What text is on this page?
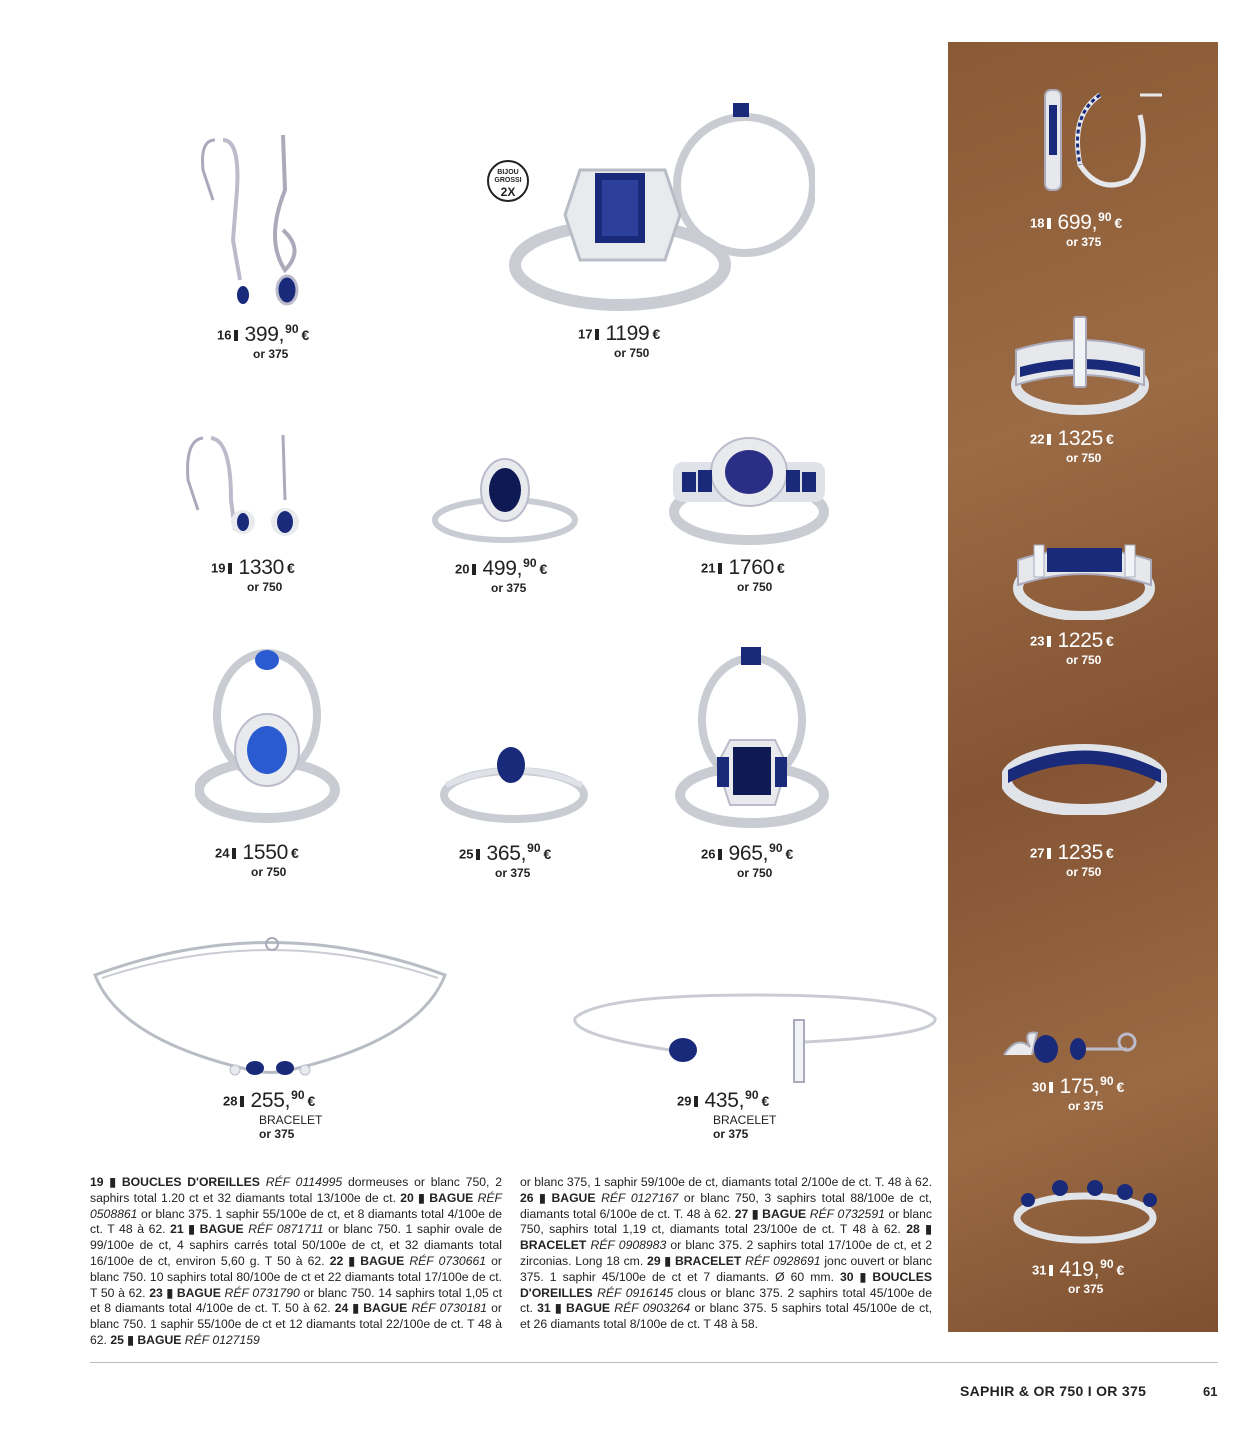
BIJOU
GROSSI
2X
16 399,90 €
or 375
17 1199 €
or 750
18 699,90 €
or 375
19 1330 €
or 750
20 499,90 €
or 375
21 1760 €
or 750
22 1325 €
or 750
23 1225 €
or 750
24 1550 €
or 750
25 365,90 €
or 375
26 965,90 €
or 750
27 1235 €
or 750
28 255,90 €
BRACELET
or 375
29 435,90 €
BRACELET
or 375
30 175,90 €
or 375
31 419,90 €
or 375
19 ▮ BOUCLES D'OREILLES RÉF 0114995 dormeuses or blanc 750, 2 saphirs total 1.20 ct et 32 diamants total 13/100e de ct. 20 ▮ BAGUE RÉF 0508861 or blanc 375. 1 saphir 55/100e de ct, et 8 diamants total 4/100e de ct. T 48 à 62. 21 ▮ BAGUE RÉF 0871711 or blanc 750. 1 saphir ovale de 99/100e de ct, 4 saphirs carrés total 50/100e de ct, et 32 diamants total 16/100e de ct, environ 5,60 g. T 50 à 62. 22 ▮ BAGUE RÉF 0730661 or blanc 750. 10 saphirs total 80/100e de ct et 22 diamants total 17/100e de ct. T 50 à 62. 23 ▮ BAGUE RÉF 0731790 or blanc 750. 14 saphirs total 1,05 ct et 8 diamants total 4/100e de ct. T. 50 à 62. 24 ▮ BAGUE RÉF 0730181 or blanc 750. 1 saphir 55/100e de ct et 12 diamants total 22/100e de ct. T 48 à 62. 25 ▮ BAGUE RÉF 0127159
or blanc 375, 1 saphir 59/100e de ct, diamants total 2/100e de ct. T. 48 à 62. 26 ▮ BAGUE RÉF 0127167 or blanc 750, 3 saphirs total 88/100e de ct, diamants total 6/100e de ct. T. 48 à 62. 27 ▮ BAGUE RÉF 0732591 or blanc 750, saphirs total 1,19 ct, diamants total 23/100e de ct. T 48 à 62. 28 ▮ BRACELET RÉF 0908983 or blanc 375. 2 saphirs total 17/100e de ct, et 2 zirconias. Long 18 cm. 29 ▮ BRACELET RÉF 0928691 jonc ouvert or blanc 375. 1 saphir 45/100e de ct et 7 diamants. Ø 60 mm. 30 ▮ BOUCLES D'OREILLES RÉF 0916145 clous or blanc 375. 2 saphirs total 45/100e de ct. 31 ▮ BAGUE RÉF 0903264 or blanc 375. 5 saphirs total 45/100e de ct, et 26 diamants total 8/100e de ct. T 48 à 58.
SAPHIR & OR 750 I OR 375	61
